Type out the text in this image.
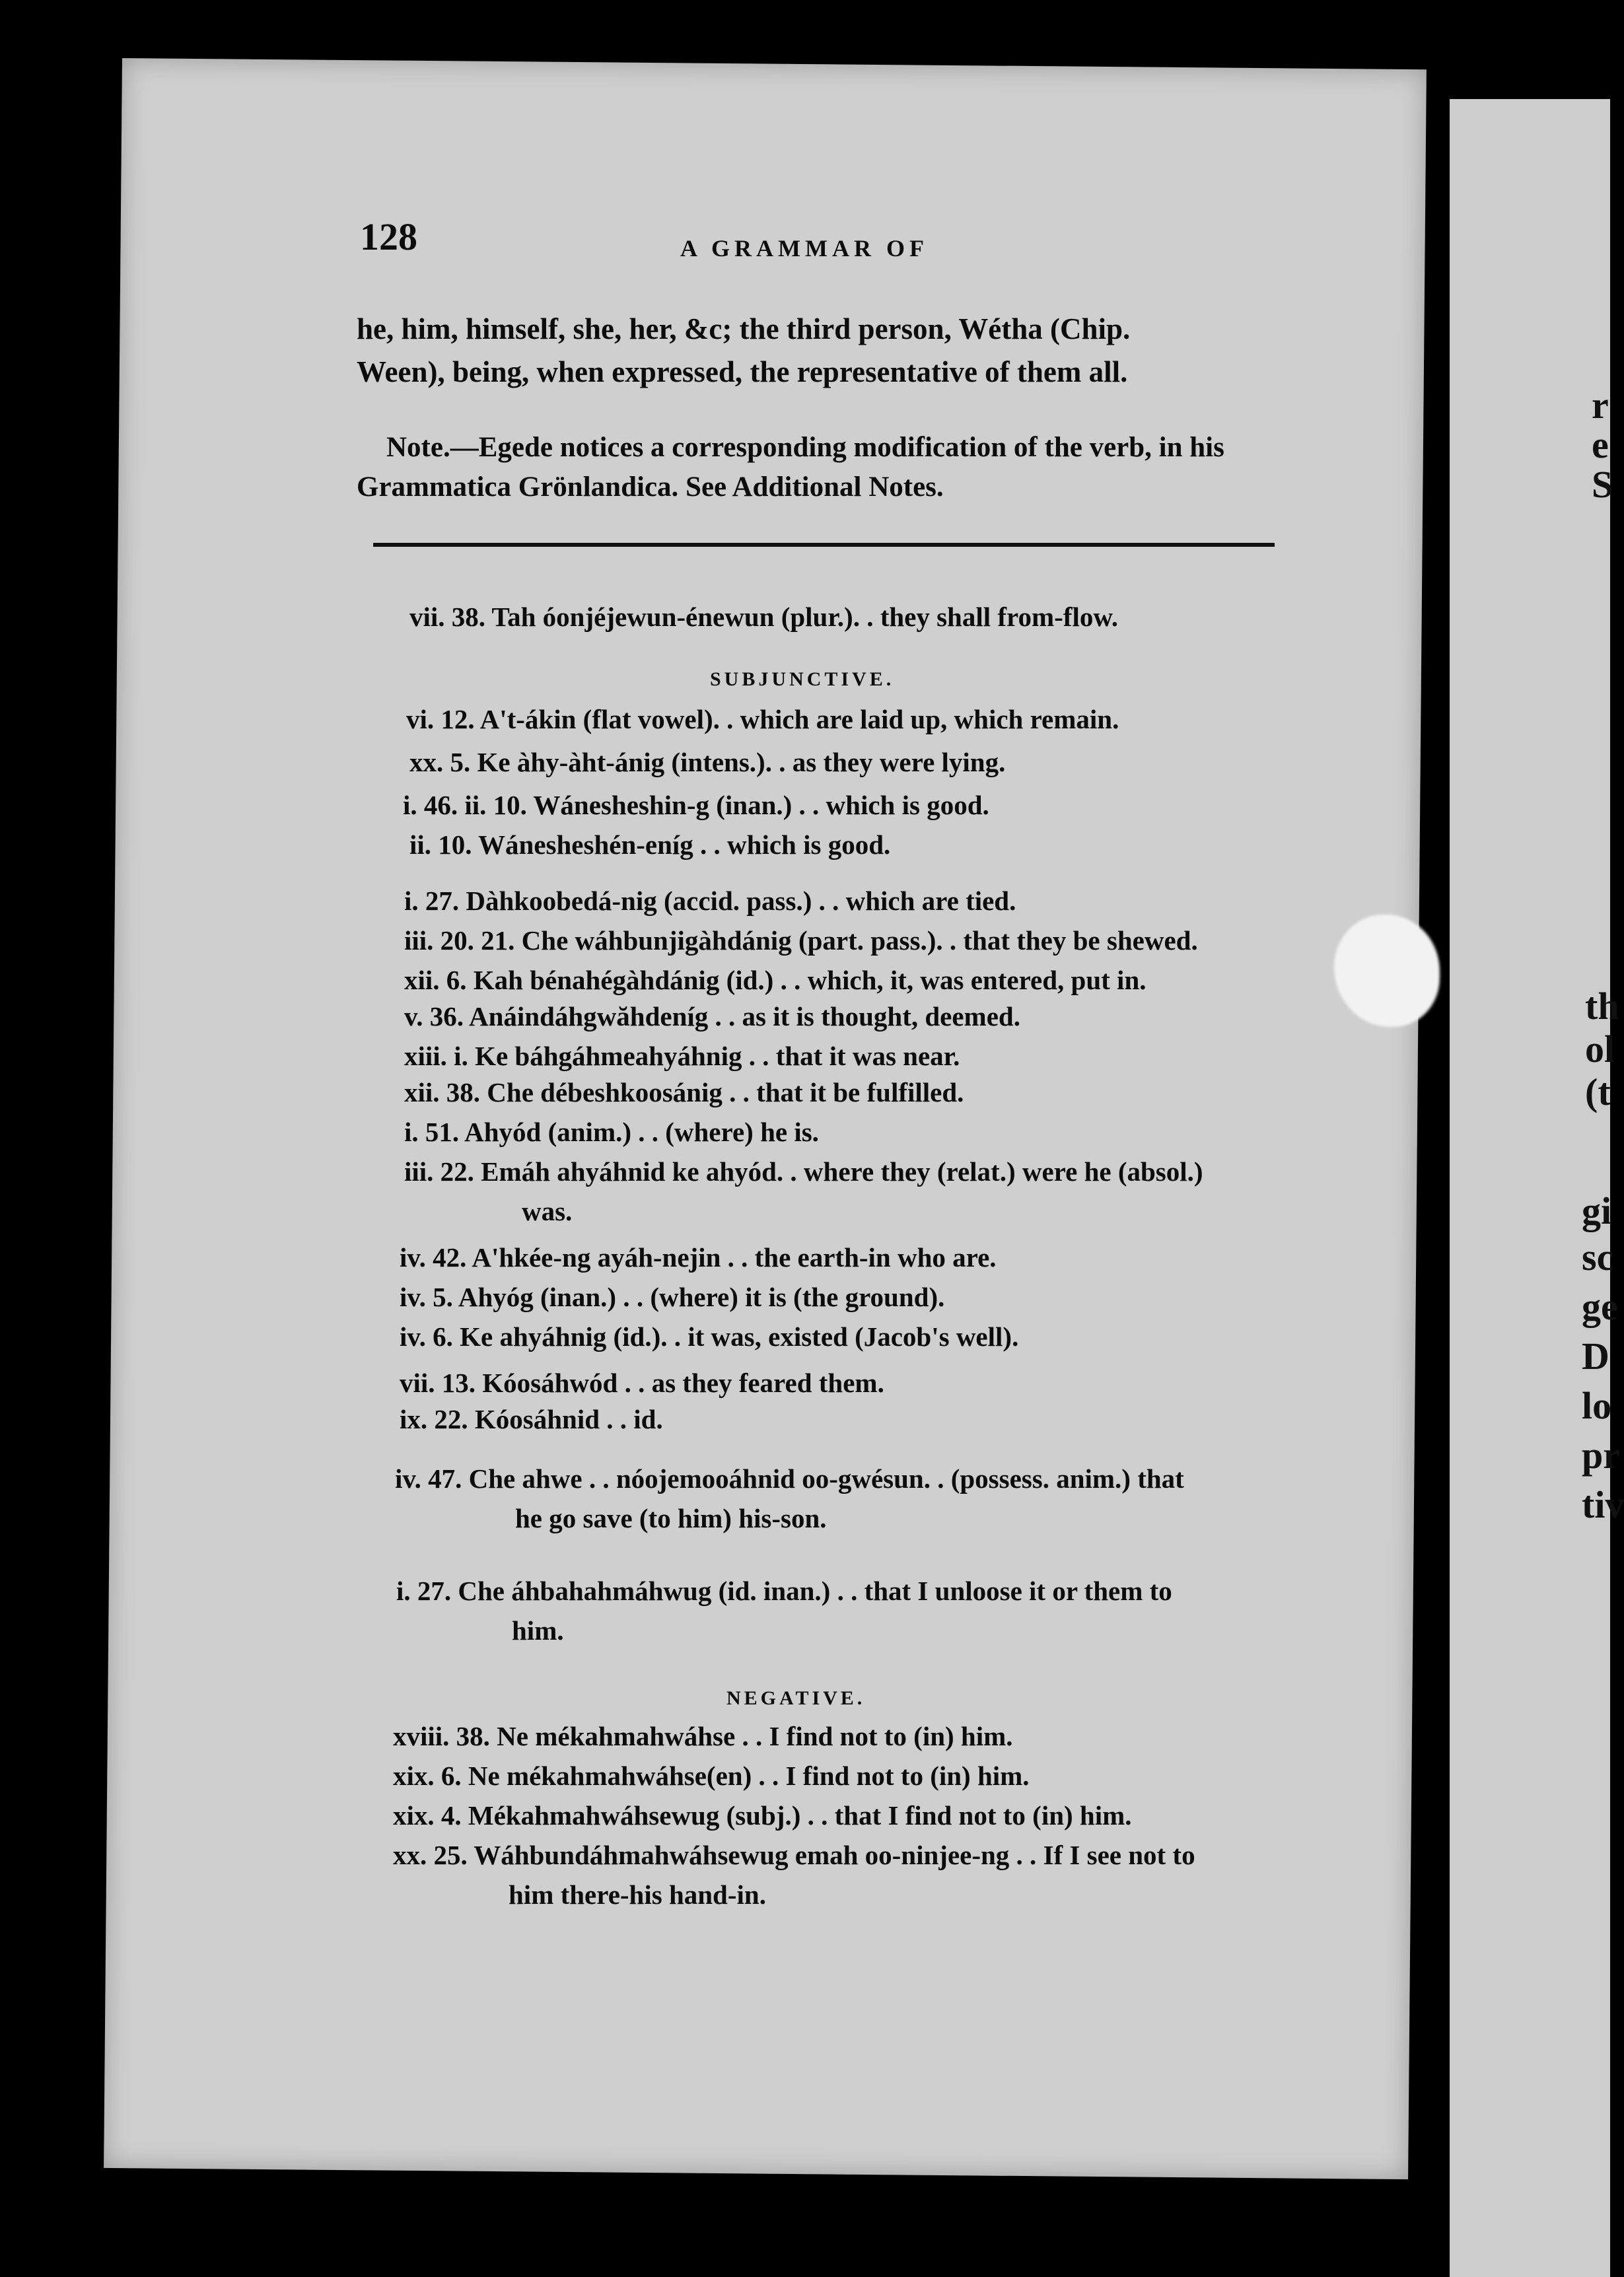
r
e
S
th
ol
(t
gi
sc
ge
D
lo
pr
tiv
128	A GRAMMAR OF
he, him, himself, she, her, &c; the third person, Wétha (Chip.
Ween), being, when expressed, the representative of them all.
Note.—Egede notices a corresponding modification of the verb, in his
Grammatica Grönlandica. See Additional Notes.
vii. 38. Tah óonjéjewun-énewun (plur.). . they shall from-flow.
SUBJUNCTIVE.
vi. 12. A't-ákin (flat vowel). . which are laid up, which remain.
xx. 5. Ke àhy-àht-ánig (intens.). . as they were lying.
i. 46. ii. 10. Wánesheshin-g (inan.) . . which is good.
ii. 10. Wánesheshén-eníg . . which is good.
i. 27. Dàhkoobedá-nig (accid. pass.) . . which are tied.
iii. 20. 21. Che wáhbunjigàhdánig (part. pass.). . that they be shewed.
xii. 6. Kah bénahégàhdánig (id.) . . which, it, was entered, put in.
v. 36. Anáindáhgwăhdeníg . . as it is thought, deemed.
xiii. i. Ke báhgáhmeahyáhnig . . that it was near.
xii. 38. Che débeshkoosánig . . that it be fulfilled.
i. 51. Ahyód (anim.) . . (where) he is.
iii. 22. Emáh ahyáhnid ke ahyód. . where they (relat.) were he (absol.)
was.
iv. 42. A'hkée-ng ayáh-nejin . . the earth-in who are.
iv. 5. Ahyóg (inan.) . . (where) it is (the ground).
iv. 6. Ke ahyáhnig (id.). . it was, existed (Jacob's well).
vii. 13. Kóosáhwód . . as they feared them.
ix. 22. Kóosáhnid . . id.
iv. 47. Che ahwe . . nóojemooáhnid oo-gwésun. . (possess. anim.) that
he go save (to him) his-son.
i. 27. Che áhbahahmáhwug (id. inan.) . . that I unloose it or them to
him.
NEGATIVE.
xviii. 38. Ne mékahmahwáhse . . I find not to (in) him.
xix. 6. Ne mékahmahwáhse(en) . . I find not to (in) him.
xix. 4. Mékahmahwáhsewug (subj.) . . that I find not to (in) him.
xx. 25. Wáhbundáhmahwáhsewug emah oo-ninjee-ng . . If I see not to
him there-his hand-in.
